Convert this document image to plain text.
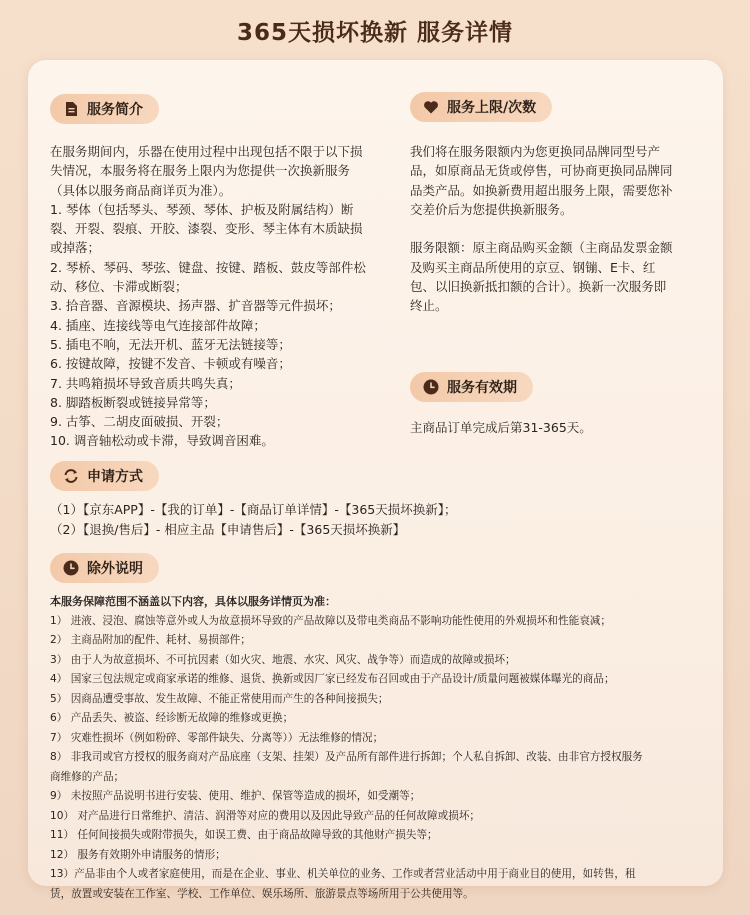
365天损坏换新 服务详情
服务简介

在服务期间内，乐器在使用过程中出现包括不限于以下损

失情况，本服务将在服务上限内为您提供一次换新服务

（具体以服务商品商详页为准）。

1. 琴体（包括琴头、琴颈、琴体、护板及附属结构）断

裂、开裂、裂痕、开胶、漆裂、变形、琴主体有木质缺损

或掉落；

2. 琴桥、琴码、琴弦、键盘、按键、踏板、鼓皮等部件松

动、移位、卡滞或断裂；

3. 拾音器、音源模块、扬声器、扩音器等元件损坏；

4. 插座、连接线等电气连接部件故障；

5. 插电不响，无法开机、蓝牙无法链接等；

6. 按键故障，按键不发音、卡顿或有噪音；

7. 共鸣箱损坏导致音质共鸣失真；

8. 脚踏板断裂或链接异常等；

9. 古筝、二胡皮面破损、开裂；

10. 调音轴松动或卡滞，导致调音困难。

服务上限/次数

我们将在服务限额内为您更换同品牌同型号产

品，如原商品无货或停售，可协商更换同品牌同

品类产品。如换新费用超出服务上限，需要您补

交差价后为您提供换新服务。

服务限额：原主商品购买金额（主商品发票金额

及购买主商品所使用的京豆、钢镚、E卡、红

包、以旧换新抵扣额的合计）。换新一次服务即

终止。

服务有效期

主商品订单完成后第31-365天。

申请方式

（1）【京东APP】-【我的订单】-【商品订单详情】-【365天损坏换新】；

（2）【退换/售后】- 相应主品【申请售后】-【365天损坏换新】

除外说明

本服务保障范围不涵盖以下内容，具体以服务详情页为准：

1） 进液、浸泡、腐蚀等意外或人为故意损坏导致的产品故障以及带电类商品不影响功能性使用的外观损坏和性能衰减；

2） 主商品附加的配件、耗材、易损部件；

3） 由于人为故意损坏、不可抗因素（如火灾、地震、水灾、风灾、战争等）而造成的故障或损坏；

4） 国家三包法规定或商家承诺的维修、退货、换新或因厂家已经发布召回或由于产品设计/质量问题被媒体曝光的商品；

5） 因商品遭受事故、发生故障、不能正常使用而产生的各种间接损失；

6） 产品丢失、被盗、经诊断无故障的维修或更换；

7） 灾难性损坏（例如粉碎、零部件缺失、分离等））无法维修的情况；

8） 非我司或官方授权的服务商对产品底座（支架、挂架）及产品所有部件进行拆卸；个人私自拆卸、改装、由非官方授权服务

商维修的产品；

9） 未按照产品说明书进行安装、使用、维护、保管等造成的损坏，如受潮等；

10） 对产品进行日常维护、清洁、润滑等对应的费用以及因此导致产品的任何故障或损坏；

11） 任何间接损失或附带损失，如误工费、由于商品故障导致的其他财产损失等；

12） 服务有效期外申请服务的情形；

13）产品非由个人或者家庭使用，而是在企业、事业、机关单位的业务、工作或者营业活动中用于商业目的使用，如转售，租

赁，放置或安装在工作室、学校、工作单位、娱乐场所、旅游景点等场所用于公共使用等。
